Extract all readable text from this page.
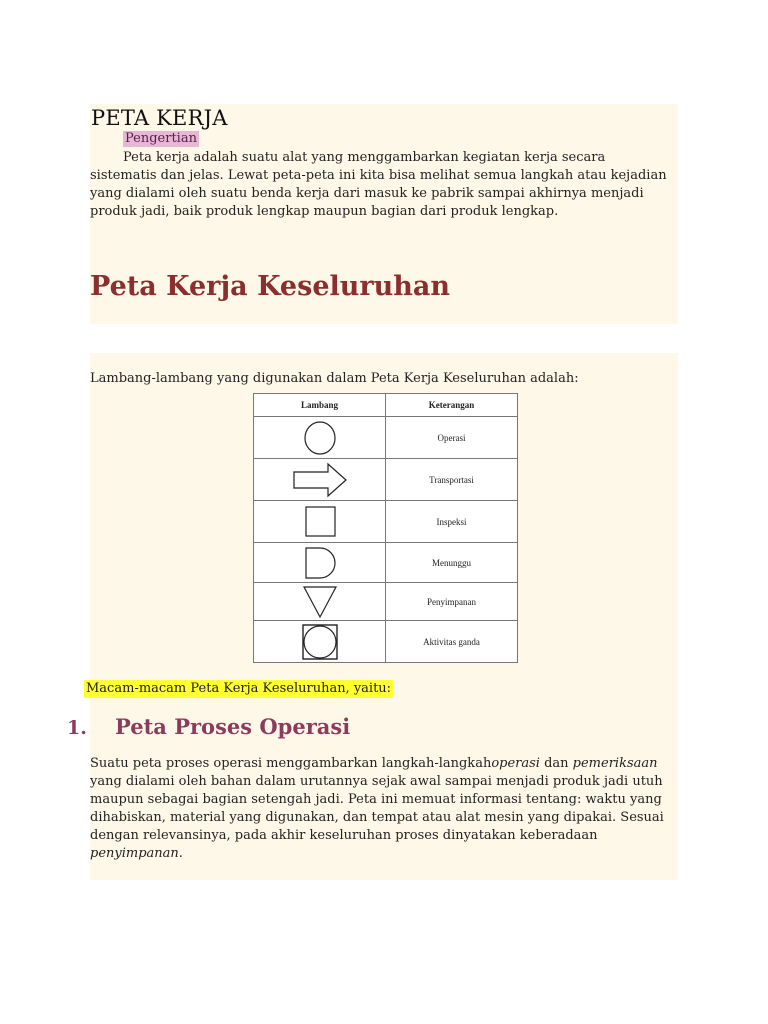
PETA KERJA
Pengertian

Peta kerja adalah suatu alat yang menggambarkan kegiatan kerja secara sistematis dan jelas. Lewat peta-peta ini kita bisa melihat semua langkah atau kejadian yang dialami oleh suatu benda kerja dari masuk ke pabrik sampai akhirnya menjadi produk jadi, baik produk lengkap maupun bagian dari produk lengkap.

Peta Kerja Keseluruhan

Lambang-lambang yang digunakan dalam Peta Kerja Keseluruhan adalah:

Lambang	Keterangan

	Operasi

	Transportasi

	Inspeksi

	Menunggu

	Penyimpanan

	Aktivitas ganda

Macam-macam Peta Kerja Keseluruhan, yaitu:

1. Peta Proses Operasi

Suatu peta proses operasi menggambarkan langkah-langkahoperasi dan pemeriksaan yang dialami oleh bahan dalam urutannya sejak awal sampai menjadi produk jadi utuh maupun sebagai bagian setengah jadi. Peta ini memuat informasi tentang: waktu yang dihabiskan, material yang digunakan, dan tempat atau alat mesin yang dipakai. Sesuai dengan relevansinya, pada akhir keseluruhan proses dinyatakan keberadaan penyimpanan.
